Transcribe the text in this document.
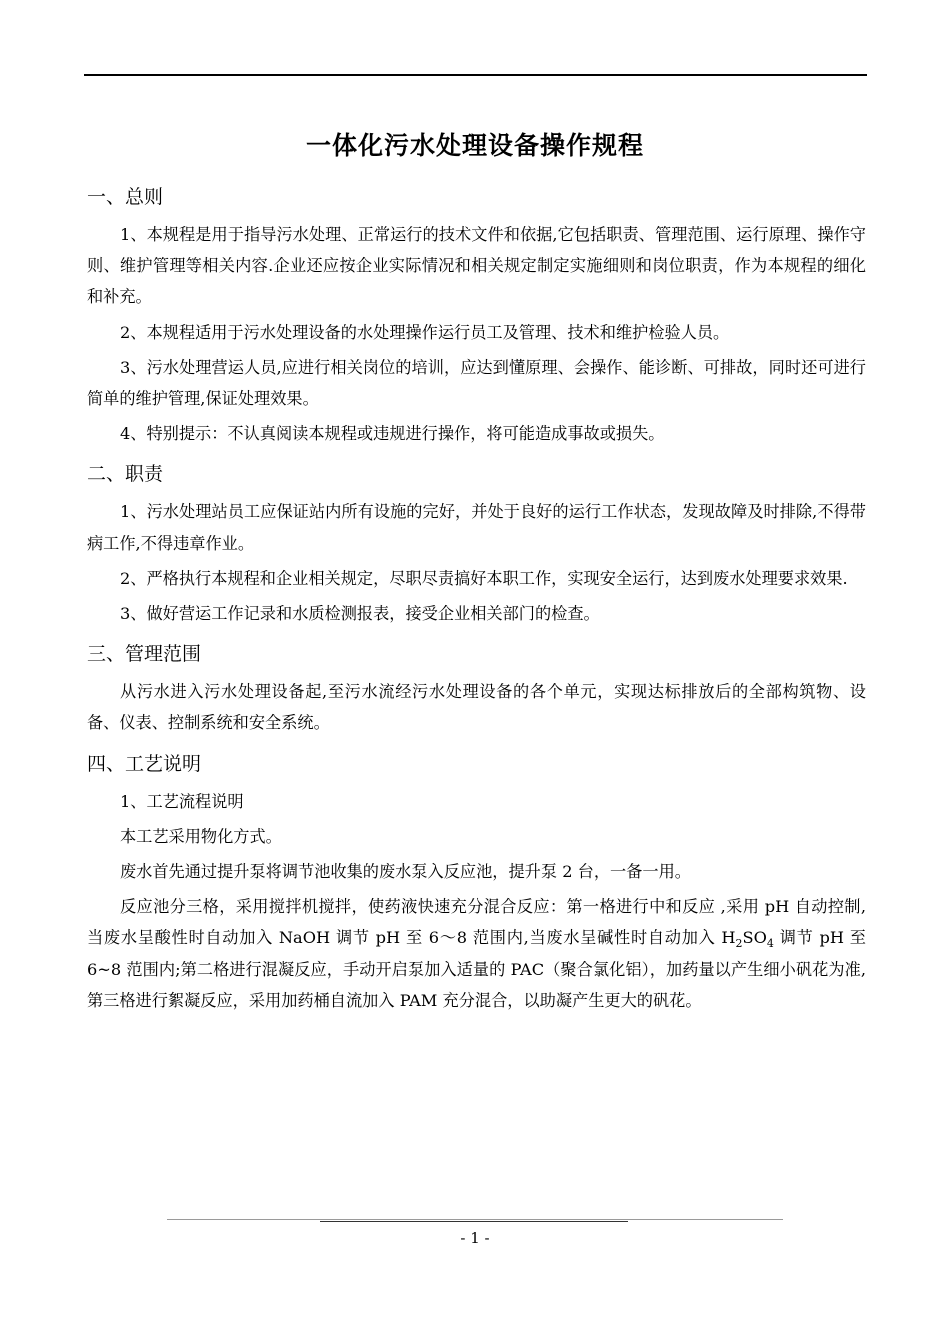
一体化污水处理设备操作规程
一、总则

1、本规程是用于指导污水处理、正常运行的技术文件和依据,它包括职责、管理范围、运行原理、操作守则、维护管理等相关内容.企业还应按企业实际情况和相关规定制定实施细则和岗位职责，作为本规程的细化和补充。

2、本规程适用于污水处理设备的水处理操作运行员工及管理、技术和维护检验人员。

3、污水处理营运人员,应进行相关岗位的培训，应达到懂原理、会操作、能诊断、可排故，同时还可进行简单的维护管理,保证处理效果。

4、特别提示：不认真阅读本规程或违规进行操作，将可能造成事故或损失。

二、职责

1、污水处理站员工应保证站内所有设施的完好，并处于良好的运行工作状态，发现故障及时排除,不得带病工作,不得违章作业。

2、严格执行本规程和企业相关规定，尽职尽责搞好本职工作，实现安全运行，达到废水处理要求效果.

3、做好营运工作记录和水质检测报表，接受企业相关部门的检查。

三、管理范围

从污水进入污水处理设备起,至污水流经污水处理设备的各个单元，实现达标排放后的全部构筑物、设备、仪表、控制系统和安全系统。

四、工艺说明

1、工艺流程说明

本工艺采用物化方式。

废水首先通过提升泵将调节池收集的废水泵入反应池，提升泵 2 台，一备一用。

反应池分三格，采用搅拌机搅拌，使药液快速充分混合反应：第一格进行中和反应 ,采用 pH 自动控制,当废水呈酸性时自动加入 NaOH 调节 pH 至 6～8 范围内,当废水呈碱性时自动加入 $H_2SO_4$ 调节 pH 至 6~8 范围内;第二格进行混凝反应，手动开启泵加入适量的 PAC（聚合氯化铝），加药量以产生细小矾花为准,第三格进行絮凝反应，采用加药桶自流加入 PAM 充分混合，以助凝产生更大的矾花。

- 1 -
